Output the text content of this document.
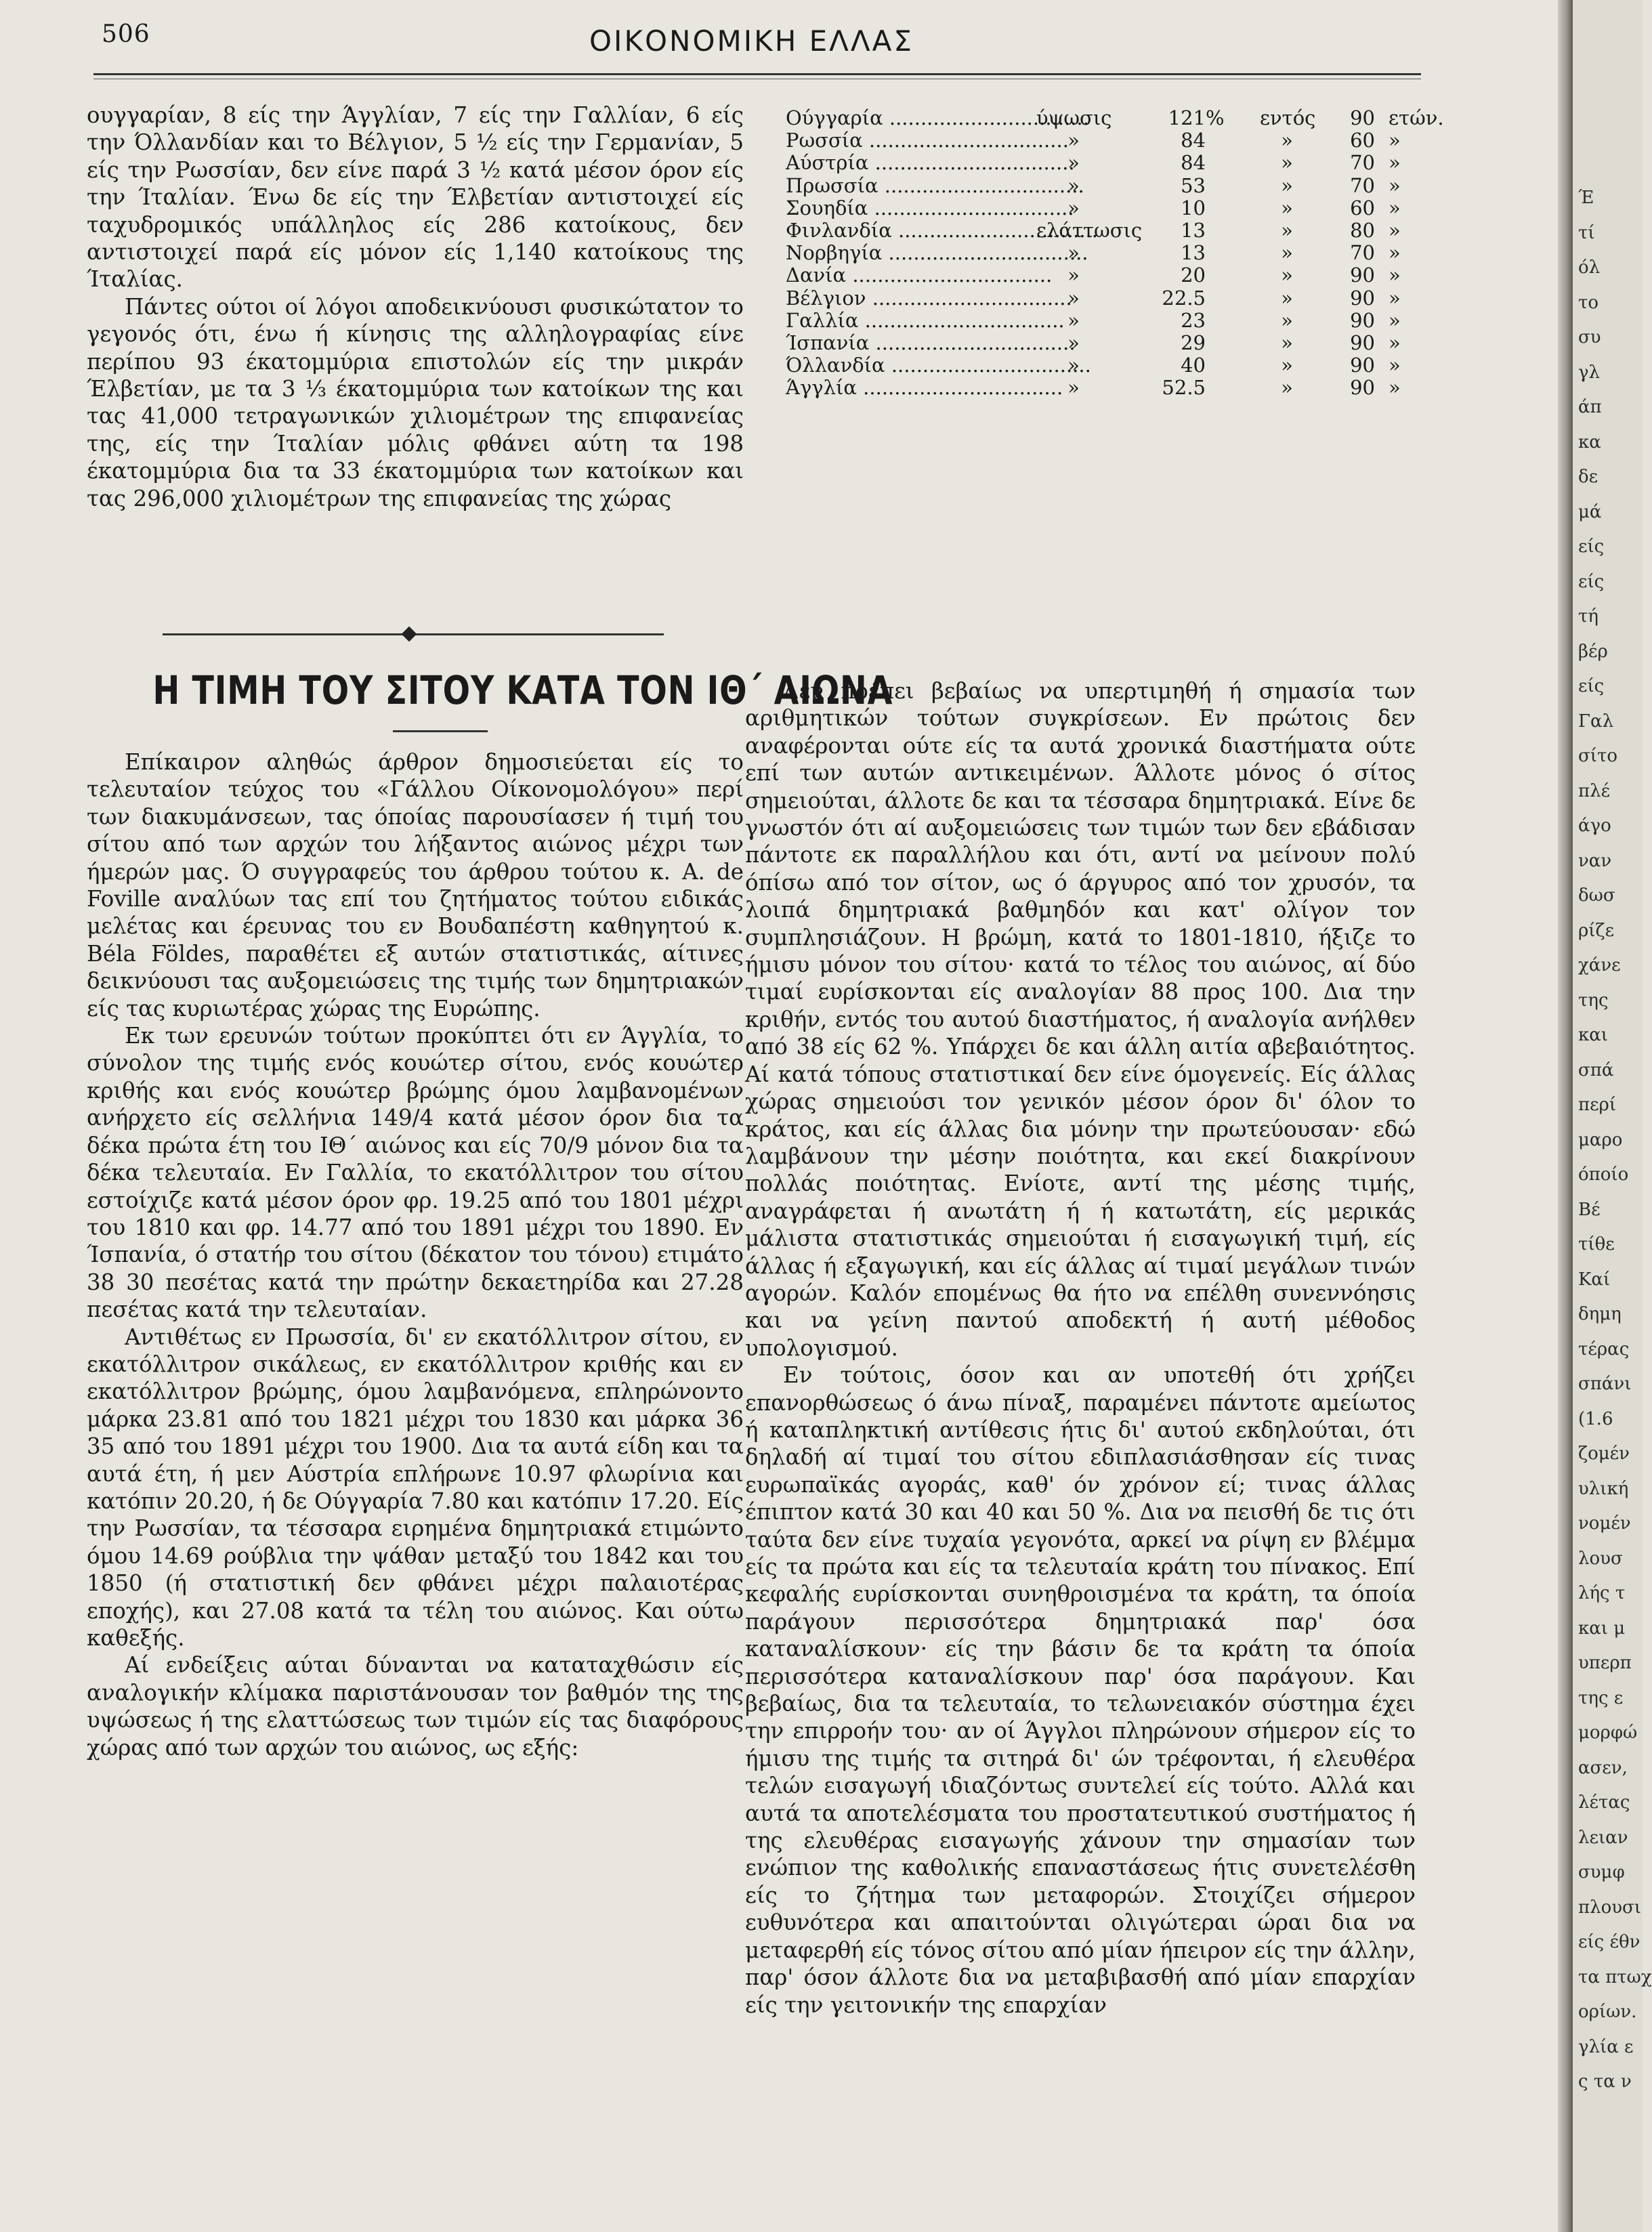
506	ΟΙΚΟΝΟΜΙΚΗ ΕΛΛΑΣ

ουγγαρίαν, 8 είς την Άγγλίαν, 7 είς την Γαλλίαν, 6 είς την Όλλανδίαν και το Βέλγιον, 5 ½ είς την Γερμανίαν, 5 είς την Ρωσσίαν, δεν είνε παρά 3 ½ κατά μέσον όρον είς την Ίταλίαν. Ένω δε είς την Έλβετίαν αντιστοιχεί είς ταχυδρομικός υπάλληλος είς 286 κατοίκους, δεν αντιστοιχεί παρά είς μόνον είς 1,140 κατοίκους της Ίταλίας.

Πάντες ούτοι οί λόγοι αποδεικνύουσι φυσικώτατον το γεγονός ότι, ένω ή κίνησις της αλληλογραφίας είνε περίπου 93 έκατομμύρια επιστολών είς την μικράν Έλβετίαν, με τα 3 ⅓ έκατομμύρια των κατοίκων της και τας 41,000 τετραγωνικών χιλιομέτρων της επιφανείας της, είς την Ίταλίαν μόλις φθάνει αύτη τα 198 έκατομμύρια δια τα 33 έκατομμύρια των κατοίκων και τας 296,000 χιλιομέτρων της επιφανείας της χώρας

Η ΤΙΜΗ ΤΟΥ ΣΙΤΟΥ ΚΑΤΑ ΤΟΝ ΙΘ΄ ΑΙΩΝΑ

Επίκαιρον αληθώς άρθρον δημοσιεύεται είς το τελευταίον τεύχος του «Γάλλου Οίκονομολόγου» περί των διακυμάνσεων, τας όποίας παρουσίασεν ή τιμή του σίτου από των αρχών του λήξαντος αιώνος μέχρι των ήμερών μας. Ό συγγραφεύς του άρθρου τούτου κ. A. de Foville αναλύων τας επί του ζητήματος τούτου ειδικάς μελέτας και έρευνας του εν Βουδαπέστη καθηγητού κ. Béla Földes, παραθέτει εξ αυτών στατιστικάς, αίτινες δεικνύουσι τας αυξομειώσεις της τιμής των δημητριακών είς τας κυριωτέρας χώρας της Ευρώπης.

Εκ των ερευνών τούτων προκύπτει ότι εν Άγγλία, το σύνολον της τιμής ενός κουώτερ σίτου, ενός κουώτερ κριθής και ενός κουώτερ βρώμης όμου λαμβανομένων ανήρχετο είς σελλήνια 149/4 κατά μέσον όρον δια τα δέκα πρώτα έτη του ΙΘ΄ αιώνος και είς 70/9 μόνον δια τα δέκα τελευταία. Εν Γαλλία, το εκατόλλιτρον του σίτου εστοίχιζε κατά μέσον όρον φρ. 19.25 από του 1801 μέχρι του 1810 και φρ. 14.77 από του 1891 μέχρι του 1890. Εν Ίσπανία, ό στατήρ του σίτου (δέκατον του τόνου) ετιμάτο 38 30 πεσέτας κατά την πρώτην δεκαετηρίδα και 27.28 πεσέτας κατά την τελευταίαν.

Αντιθέτως εν Πρωσσία, δι' εν εκατόλλιτρον σίτου, εν εκατόλλιτρον σικάλεως, εν εκατόλλιτρον κριθής και εν εκατόλλιτρον βρώμης, όμου λαμβανόμενα, επληρώνοντο μάρκα 23.81 από του 1821 μέχρι του 1830 και μάρκα 36 35 από του 1891 μέχρι του 1900. Δια τα αυτά είδη και τα αυτά έτη, ή μεν Αύστρία επλήρωνε 10.97 φλωρίνια και κατόπιν 20.20, ή δε Ούγγαρία 7.80 και κατόπιν 17.20. Είς την Ρωσσίαν, τα τέσσαρα ειρημένα δημητριακά ετιμώντο όμου 14.69 ρούβλια την ψάθαν μεταξύ του 1842 και του 1850 (ή στατιστική δεν φθάνει μέχρι παλαιοτέρας εποχής), και 27.08 κατά τα τέλη του αιώνος. Και ούτω καθεξής.

Αί ενδείξεις αύται δύνανται να καταταχθώσιν είς αναλογικήν κλίμακα παριστάνουσαν τον βαθμόν της της υψώσεως ή της ελαττώσεως των τιμών είς τας διαφόρους χώρας από των αρχών του αιώνος, ως εξής:

Ούγγαρία .....	ύψωσις	121 %	εντός	90 ετών.
Ρωσσία .....	»	84	»	60 »
Αύστρία .....	»	84	»	70 »
Πρωσσία .....	»	53	»	70 »
Σουηδία .....	»	10	»	60 »
Φινλανδία .....	ελάττωσις	13	»	80 »
Νορβηγία .....	»	13	»	70 »
Δανία .....	»	20	»	90 »
Βέλγιον .....	»	22.5	»	90 »
Γαλλία .....	»	23	»	90 »
Ίσπανία .....	»	29	»	90 »
Όλλανδία .....	»	40	»	90 »
Άγγλία .....	»	52.5	»	90 »

Δεν πρέπει βεβαίως να υπερτιμηθή ή σημασία των αριθμητικών τούτων συγκρίσεων. Εν πρώτοις δεν αναφέρονται ούτε είς τα αυτά χρονικά διαστήματα ούτε επί των αυτών αντικειμένων. Άλλοτε μόνος ό σίτος σημειούται, άλλοτε δε και τα τέσσαρα δημητριακά. Είνε δε γνωστόν ότι αί αυξομειώσεις των τιμών των δεν εβάδισαν πάντοτε εκ παραλλήλου και ότι, αντί να μείνουν πολύ όπίσω από τον σίτον, ως ό άργυρος από τον χρυσόν, τα λοιπά δημητριακά βαθμηδόν και κατ' ολίγον τον συμπλησιάζουν. Η βρώμη, κατά το 1801-1810, ήξιζε το ήμισυ μόνον του σίτου· κατά το τέλος του αιώνος, αί δύο τιμαί ευρίσκονται είς αναλογίαν 88 προς 100. Δια την κριθήν, εντός του αυτού διαστήματος, ή αναλογία ανήλθεν από 38 είς 62 %. Υπάρχει δε και άλλη αιτία αβεβαιότητος. Αί κατά τόπους στατιστικαί δεν είνε όμογενείς. Είς άλλας χώρας σημειούσι τον γενικόν μέσον όρον δι' όλον το κράτος, και είς άλλας δια μόνην την πρωτεύουσαν· εδώ λαμβάνουν την μέσην ποιότητα, και εκεί διακρίνουν πολλάς ποιότητας. Ενίοτε, αντί της μέσης τιμής, αναγράφεται ή ανωτάτη ή ή κατωτάτη, είς μερικάς μάλιστα στατιστικάς σημειούται ή εισαγωγική τιμή, είς άλλας ή εξαγωγική, και είς άλλας αί τιμαί μεγάλων τινών αγορών. Καλόν επομένως θα ήτο να επέλθη συνεννόησις και να γείνη παντού αποδεκτή ή αυτή μέθοδος υπολογισμού.

Εν τούτοις, όσον και αν υποτεθή ότι χρήζει επανορθώσεως ό άνω πίναξ, παραμένει πάντοτε αμείωτος ή καταπληκτική αντίθεσις ήτις δι' αυτού εκδηλούται, ότι δηλαδή αί τιμαί του σίτου εδιπλασιάσθησαν είς τινας ευρωπαϊκάς αγοράς, καθ' όν χρόνον εί; τινας άλλας έπιπτον κατά 30 και 40 και 50 %. Δια να πεισθή δε τις ότι ταύτα δεν είνε τυχαία γεγονότα, αρκεί να ρίψη εν βλέμμα είς τα πρώτα και είς τα τελευταία κράτη του πίνακος. Επί κεφαλής ευρίσκονται συνηθροισμένα τα κράτη, τα όποία παράγουν περισσότερα δημητριακά παρ' όσα καταναλίσκουν· είς την βάσιν δε τα κράτη τα όποία περισσότερα καταναλίσκουν παρ' όσα παράγουν. Και βεβαίως, δια τα τελευταία, το τελωνειακόν σύστημα έχει την επιρροήν του· αν οί Άγγλοι πληρώνουν σήμερον είς το ήμισυ της τιμής τα σιτηρά δι' ών τρέφονται, ή ελευθέρα τελών εισαγωγή ιδιαζόντως συντελεί είς τούτο. Αλλά και αυτά τα αποτελέσματα του προστατευτικού συστήματος ή της ελευθέρας εισαγωγής χάνουν την σημασίαν των ενώπιον της καθολικής επαναστάσεως ήτις συνετελέσθη είς το ζήτημα των μεταφορών. Στοιχίζει σήμερον ευθυνότερα και απαιτούνται ολιγώτεραι ώραι δια να μεταφερθή είς τόνος σίτου από μίαν ήπειρον είς την άλλην, παρ' όσον άλλοτε δια να μεταβιβασθή από μίαν επαρχίαν είς την γειτονικήν της επαρχίαν

Έ
τί
όλ
το
συ
γλ
άπ
κα
δε
μά
είς
είς
τή
βέρ
είς
Γαλ
σίτο
πλέ
άγο
ναν
δωσ
ρίζε
χάνε
της
και
σπά
περί
μαρο
όποίο
Βέ
τίθε
Καί
δημη
τέρας
σπάνι
(1.6
ζομέν
υλική
νομέν
λουσ
λής τ
και μ
υπερπ
της ε
μορφώ
ασεν,
λέτας
λειαν
συμφ
πλουσι
είς έθν
τα πτωχ
ορίων.
γλία ε
ς τα ν
